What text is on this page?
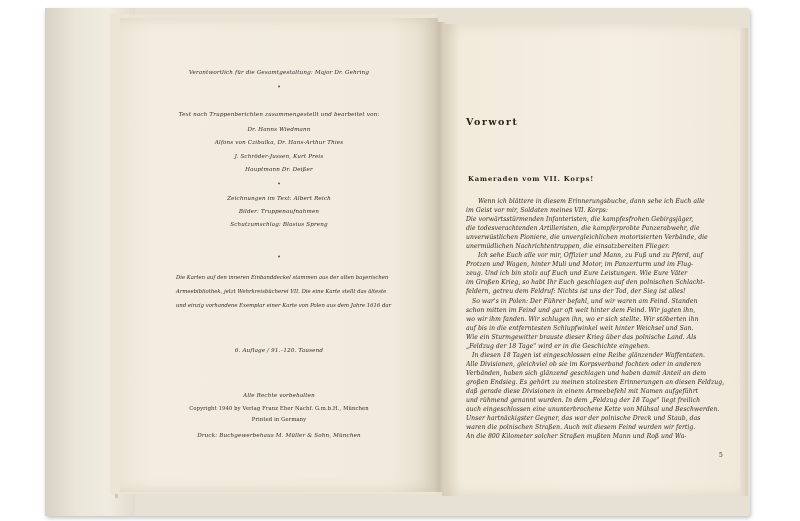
Verantwortlich für die Gesamtgestaltung: Major Dr. Gehring
•
Text nach Truppenberichten zusammengestellt und bearbeitet von:
Dr. Hanns Wiedmann
Alfons von Czibulka, Dr. Hans-Arthur Thies
J. Schröder-Jussen, Kurt Preis
Hauptmann Dr. Deißer
•
Zeichnungen im Text: Albert Reich
Bilder: Truppenaufnahmen
Schutzumschlag: Blasius Spreng
•
Die Karten auf den inneren Einbanddeckel stammen aus der alten bayerischen
Armeebibliothek, jetzt Wehrkreisbücherei VII. Die eine Karte stellt das älteste
und einzig vorhandene Exemplar einer Karte von Polen aus dem Jahre 1616 dar
6. Auflage / 91.–120. Tausend
Alle Rechte vorbehalten
Copyright 1940 by Verlag Franz Eher Nachf. G.m.b.H., München
Printed in Germany
Druck: Buchgewerbehaus M. Müller & Sohn, München
Vorwort
Kameraden vom VII. Korps!
Wenn ich blättere in diesem Erinnerungsbuche, dann sehe ich Euch alle
im Geist vor mir, Soldaten meines VII. Korps:
Die vorwärtsstürmenden Infanteristen, die kampfesfrohen Gebirgsjäger,
die todesverachtenden Artilleristen, die kampferprobte Panzerabwehr, die
unverwüstlichen Pioniere, die unvergleichlichen motorisierten Verbände, die
unermüdlichen Nachrichtentruppen, die einsatzbereiten Flieger.
Ich sehe Euch alle vor mir, Offizier und Mann, zu Fuß und zu Pferd, auf
Protzen und Wagen, hinter Muli und Motor, im Panzerturm und im Flug-
zeug. Und ich bin stolz auf Euch und Eure Leistungen. Wie Eure Väter
im Großen Krieg, so habt Ihr Euch geschlagen auf den polnischen Schlacht-
feldern, getreu dem Feldruf: Nichts ist uns der Tod, der Sieg ist alles!
So war's in Polen: Der Führer befahl, und wir waren am Feind. Standen
schon mitten im Feind und gar oft weit hinter dem Feind. Wir jagten ihn,
wo wir ihm fanden. Wir schlugen ihn, wo er sich stellte. Wir stöberten ihn
auf bis in die entferntesten Schlupfwinkel weit hinter Weichsel und San.
Wie ein Sturmgewitter brauste dieser Krieg über das polnische Land. Als
„Feldzug der 18 Tage" wird er in die Geschichte eingehen.
In diesen 18 Tagen ist eingeschlossen eine Reihe glänzender Waffentaten.
Alle Divisionen, gleichviel ob sie im Korpsverband fochten oder in anderen
Verbänden, haben sich glänzend geschlagen und haben damit Anteil an dem
großen Endsieg. Es gehört zu meinen stolzesten Erinnerungen an diesen Feldzug,
daß gerade diese Divisionen in einem Armeebefehl mit Namen aufgeführt
und rühmend genannt wurden. In dem „Feldzug der 18 Tage" liegt freilich
auch eingeschlossen eine ununterbrochene Kette von Mühsal und Beschwerden.
Unser hartnäckigster Gegner, das war der polnische Dreck und Staub, das
waren die polnischen Straßen. Auch mit diesem Feind wurden wir fertig.
An die 800 Kilometer solcher Straßen mußten Mann und Roß und Wa-
5
